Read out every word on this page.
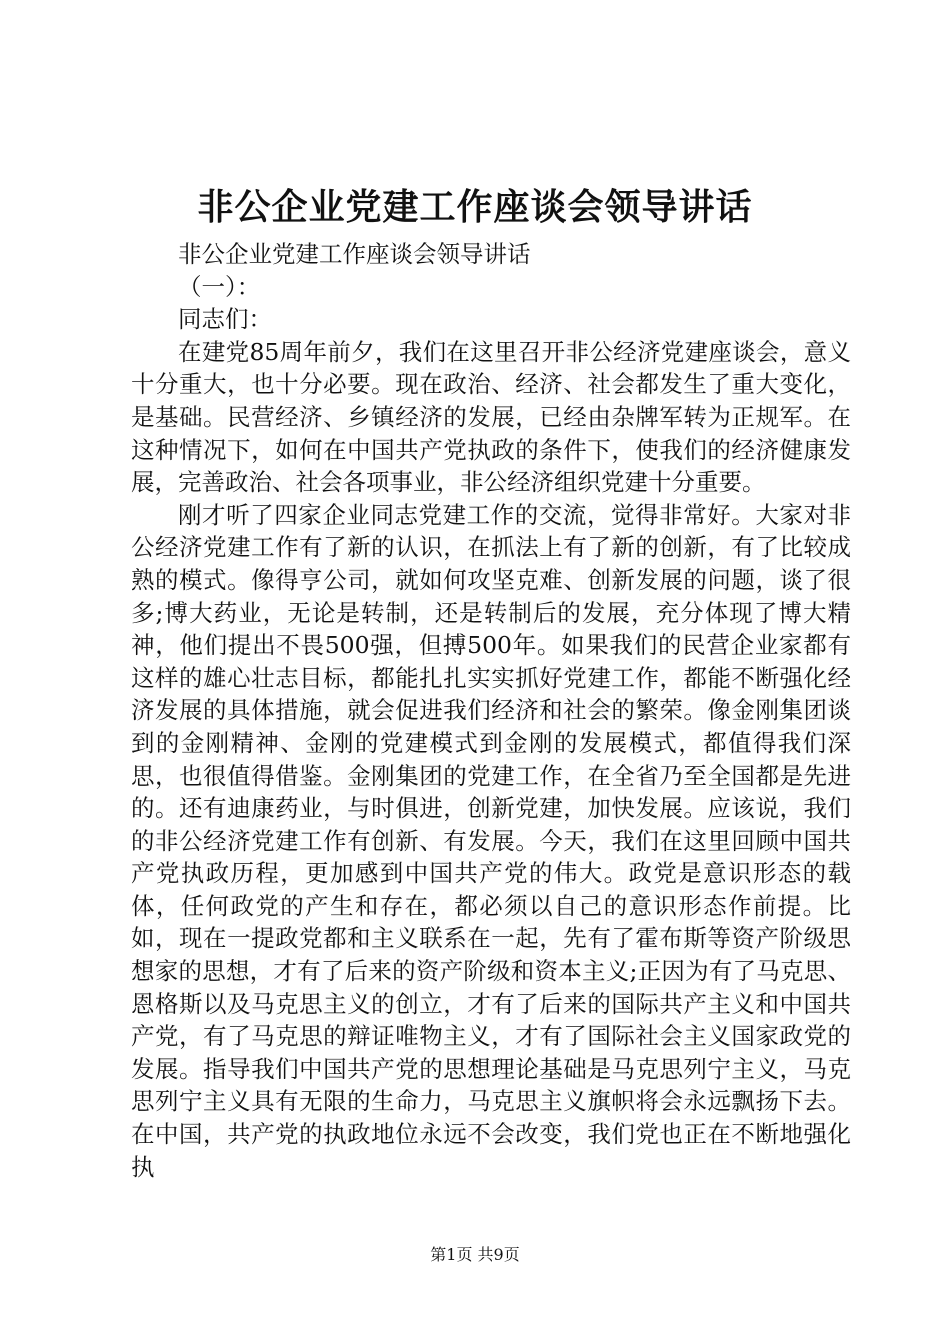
非公企业党建工作座谈会领导讲话

非公企业党建工作座谈会领导讲话

（一）：

同志们：

在建党85周年前夕，我们在这里召开非公经济党建座谈会，意义十分重大，也十分必要。现在政治、经济、社会都发生了重大变化，是基础。民营经济、乡镇经济的发展，已经由杂牌军转为正规军。在这种情况下，如何在中国共产党执政的条件下，使我们的经济健康发展，完善政治、社会各项事业，非公经济组织党建十分重要。

刚才听了四家企业同志党建工作的交流，觉得非常好。大家对非公经济党建工作有了新的认识，在抓法上有了新的创新，有了比较成熟的模式。像得亨公司，就如何攻坚克难、创新发展的问题，谈了很多;博大药业，无论是转制，还是转制后的发展，充分体现了博大精神，他们提出不畏500强，但搏500年。如果我们的民营企业家都有这样的雄心壮志目标，都能扎扎实实抓好党建工作，都能不断强化经济发展的具体措施，就会促进我们经济和社会的繁荣。像金刚集团谈到的金刚精神、金刚的党建模式到金刚的发展模式，都值得我们深思，也很值得借鉴。金刚集团的党建工作，在全省乃至全国都是先进的。还有迪康药业，与时俱进，创新党建，加快发展。应该说，我们的非公经济党建工作有创新、有发展。今天，我们在这里回顾中国共产党执政历程，更加感到中国共产党的伟大。政党是意识形态的载体，任何政党的产生和存在，都必须以自己的意识形态作前提。比如，现在一提政党都和主义联系在一起，先有了霍布斯等资产阶级思想家的思想，才有了后来的资产阶级和资本主义;正因为有了马克思、恩格斯以及马克思主义的创立，才有了后来的国际共产主义和中国共产党，有了马克思的辩证唯物主义，才有了国际社会主义国家政党的发展。指导我们中国共产党的思想理论基础是马克思列宁主义，马克思列宁主义具有无限的生命力，马克思主义旗帜将会永远飘扬下去。在中国，共产党的执政地位永远不会改变，我们党也正在不断地强化执

第1页 共9页
